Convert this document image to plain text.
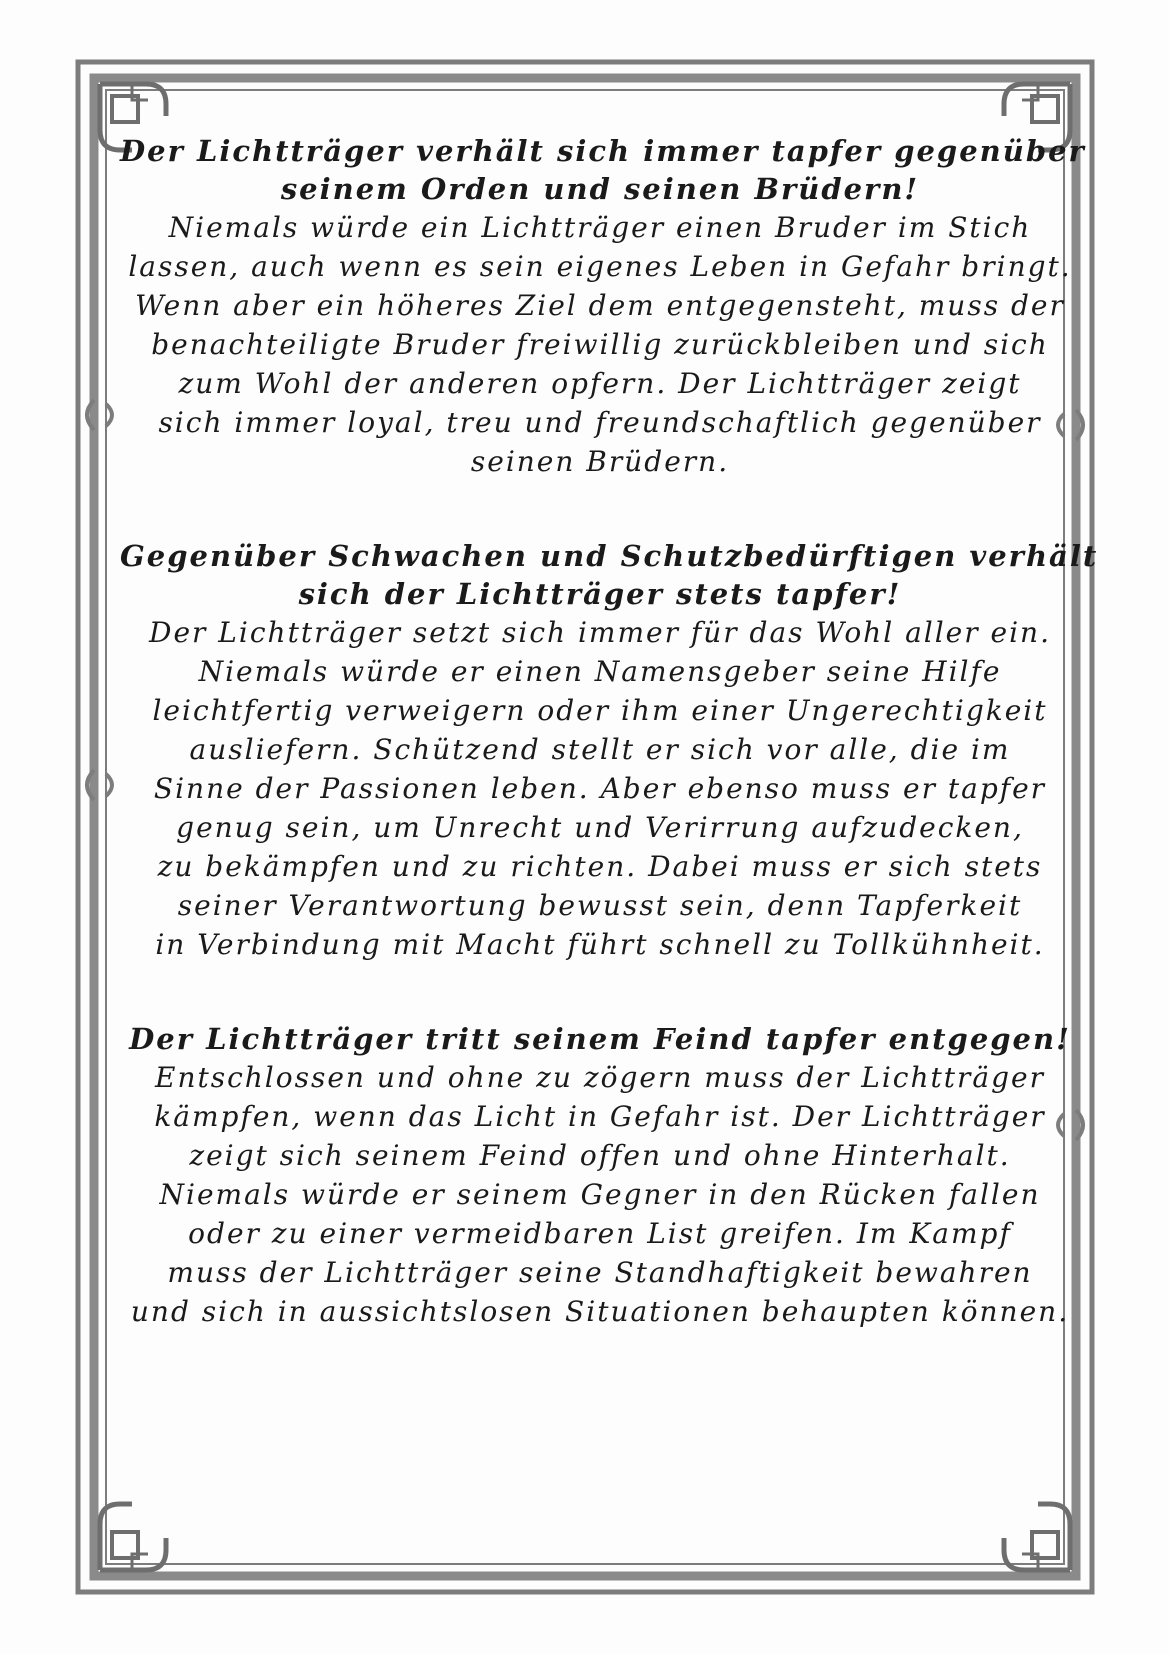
Der Lichtträger verhält sich immer tapfer gegenüber
seinem Orden und seinen Brüdern!

Niemals würde ein Lichtträger einen Bruder im Stich
lassen, auch wenn es sein eigenes Leben in Gefahr bringt.
Wenn aber ein höheres Ziel dem entgegensteht, muss der
benachteiligte Bruder freiwillig zurückbleiben und sich
zum Wohl der anderen opfern. Der Lichtträger zeigt
sich immer loyal, treu und freundschaftlich gegenüber
seinen Brüdern.

Gegenüber Schwachen und Schutzbedürftigen verhält
sich der Lichtträger stets tapfer!

Der Lichtträger setzt sich immer für das Wohl aller ein.
Niemals würde er einen Namensgeber seine Hilfe
leichtfertig verweigern oder ihm einer Ungerechtigkeit
ausliefern. Schützend stellt er sich vor alle, die im
Sinne der Passionen leben. Aber ebenso muss er tapfer
genug sein, um Unrecht und Verirrung aufzudecken,
zu bekämpfen und zu richten. Dabei muss er sich stets
seiner Verantwortung bewusst sein, denn Tapferkeit
in Verbindung mit Macht führt schnell zu Tollkühnheit.

Der Lichtträger tritt seinem Feind tapfer entgegen!

Entschlossen und ohne zu zögern muss der Lichtträger
kämpfen, wenn das Licht in Gefahr ist. Der Lichtträger
zeigt sich seinem Feind offen und ohne Hinterhalt.
Niemals würde er seinem Gegner in den Rücken fallen
oder zu einer vermeidbaren List greifen. Im Kampf
muss der Lichtträger seine Standhaftigkeit bewahren
und sich in aussichtslosen Situationen behaupten können.
